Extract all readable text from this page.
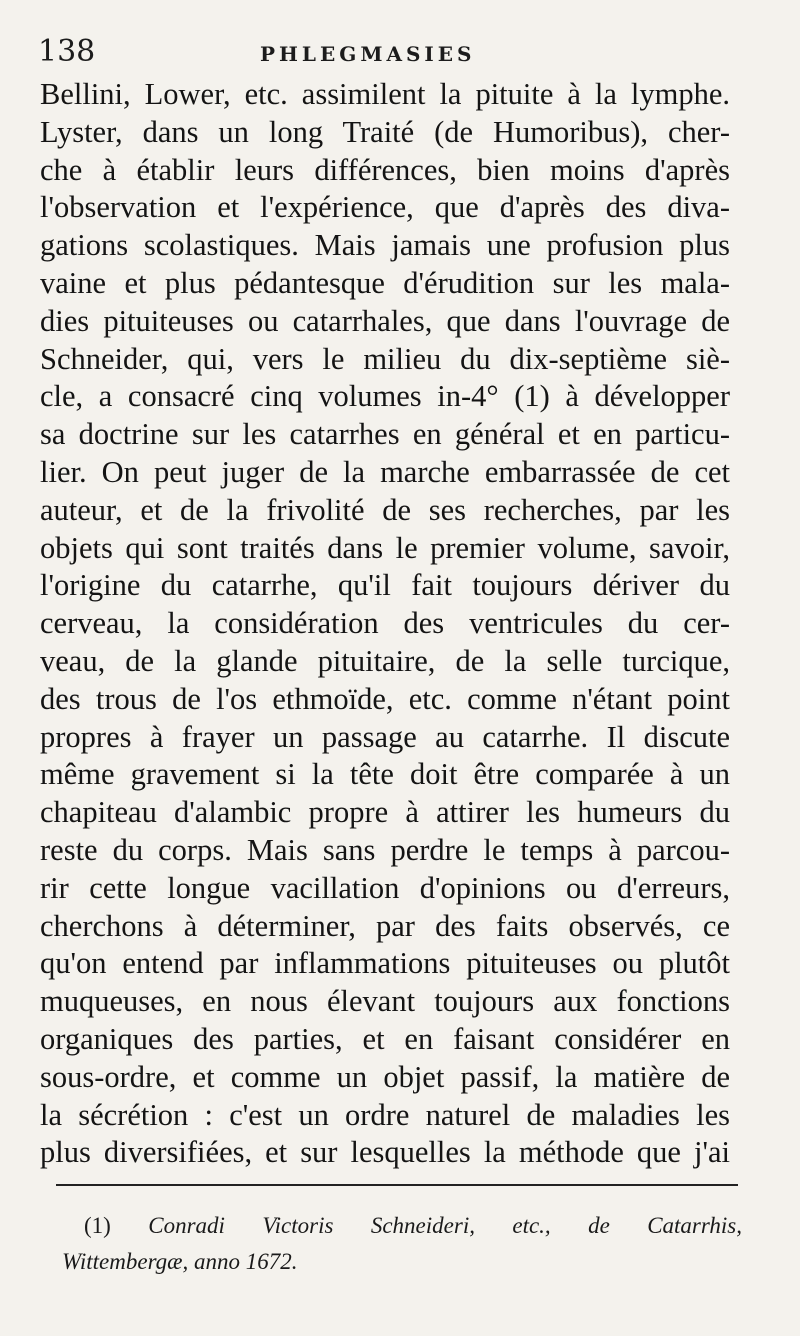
138	PHLEGMASIES
Bellini, Lower, etc. assimilent la pituite à la lymphe.
Lyster, dans un long Traité (de Humoribus), cher-
che à établir leurs différences, bien moins d'après
l'observation et l'expérience, que d'après des diva-
gations scolastiques. Mais jamais une profusion plus
vaine et plus pédantesque d'érudition sur les mala-
dies pituiteuses ou catarrhales, que dans l'ouvrage de
Schneider, qui, vers le milieu du dix-septième siè-
cle, a consacré cinq volumes in-4° (1) à développer
sa doctrine sur les catarrhes en général et en particu-
lier. On peut juger de la marche embarrassée de cet
auteur, et de la frivolité de ses recherches, par les
objets qui sont traités dans le premier volume, savoir,
l'origine du catarrhe, qu'il fait toujours dériver du
cerveau, la considération des ventricules du cer-
veau, de la glande pituitaire, de la selle turcique,
des trous de l'os ethmoïde, etc. comme n'étant point
propres à frayer un passage au catarrhe. Il discute
même gravement si la tête doit être comparée à un
chapiteau d'alambic propre à attirer les humeurs du
reste du corps. Mais sans perdre le temps à parcou-
rir cette longue vacillation d'opinions ou d'erreurs,
cherchons à déterminer, par des faits observés, ce
qu'on entend par inflammations pituiteuses ou plutôt
muqueuses, en nous élevant toujours aux fonctions
organiques des parties, et en faisant considérer en
sous-ordre, et comme un objet passif, la matière de
la sécrétion : c'est un ordre naturel de maladies les
plus diversifiées, et sur lesquelles la méthode que j'ai
(1) Conradi Victoris Schneideri, etc., de Catarrhis,
Wittembergæ, anno 1672.
